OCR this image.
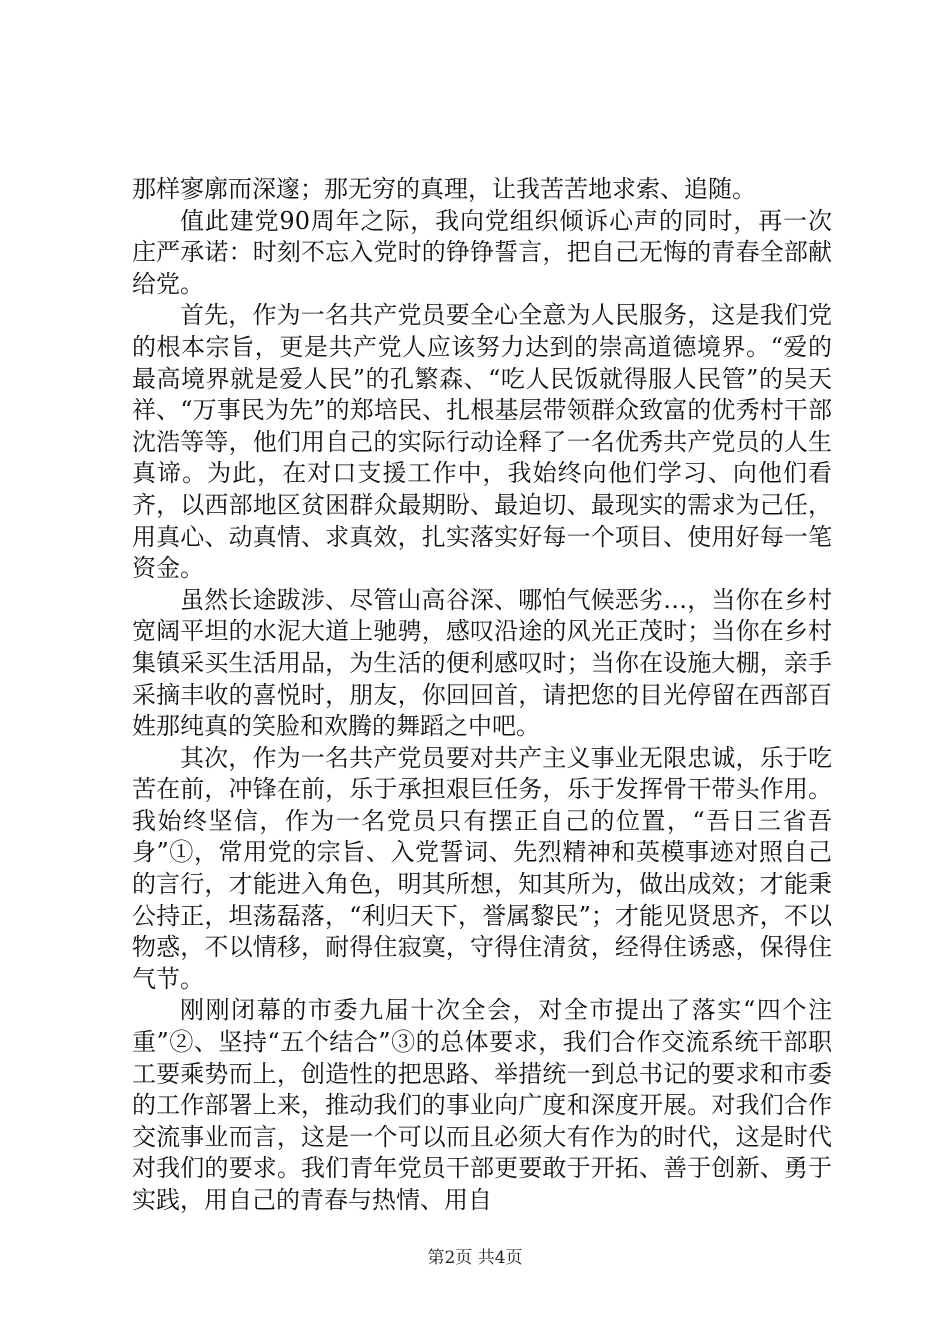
那样寥廓而深邃；那无穷的真理，让我苦苦地求索、追随。

值此建党90周年之际，我向党组织倾诉心声的同时，再一次庄严承诺：时刻不忘入党时的铮铮誓言，把自己无悔的青春全部献给党。

首先，作为一名共产党员要全心全意为人民服务，这是我们党的根本宗旨，更是共产党人应该努力达到的崇高道德境界。“爱的最高境界就是爱人民”的孔繁森、“吃人民饭就得服人民管”的吴天祥、“万事民为先”的郑培民、扎根基层带领群众致富的优秀村干部沈浩等等，他们用自己的实际行动诠释了一名优秀共产党员的人生真谛。为此，在对口支援工作中，我始终向他们学习、向他们看齐，以西部地区贫困群众最期盼、最迫切、最现实的需求为己任，用真心、动真情、求真效，扎实落实好每一个项目、使用好每一笔资金。

虽然长途跋涉、尽管山高谷深、哪怕气候恶劣…，当你在乡村宽阔平坦的水泥大道上驰骋，感叹沿途的风光正茂时；当你在乡村集镇采买生活用品，为生活的便利感叹时；当你在设施大棚，亲手采摘丰收的喜悦时，朋友，你回回首，请把您的目光停留在西部百姓那纯真的笑脸和欢腾的舞蹈之中吧。

其次，作为一名共产党员要对共产主义事业无限忠诚，乐于吃苦在前，冲锋在前，乐于承担艰巨任务，乐于发挥骨干带头作用。我始终坚信，作为一名党员只有摆正自己的位置，“吾日三省吾身”①，常用党的宗旨、入党誓词、先烈精神和英模事迹对照自己的言行，才能进入角色，明其所想，知其所为，做出成效；才能秉公持正，坦荡磊落，“利归天下，誉属黎民”；才能见贤思齐，不以物惑，不以情移，耐得住寂寞，守得住清贫，经得住诱惑，保得住气节。

刚刚闭幕的市委九届十次全会，对全市提出了落实“四个注重”②、坚持“五个结合”③的总体要求，我们合作交流系统干部职工要乘势而上，创造性的把思路、举措统一到总书记的要求和市委的工作部署上来，推动我们的事业向广度和深度开展。对我们合作交流事业而言，这是一个可以而且必须大有作为的时代，这是时代对我们的要求。我们青年党员干部更要敢于开拓、善于创新、勇于实践，用自己的青春与热情、用自

第2页 共4页
